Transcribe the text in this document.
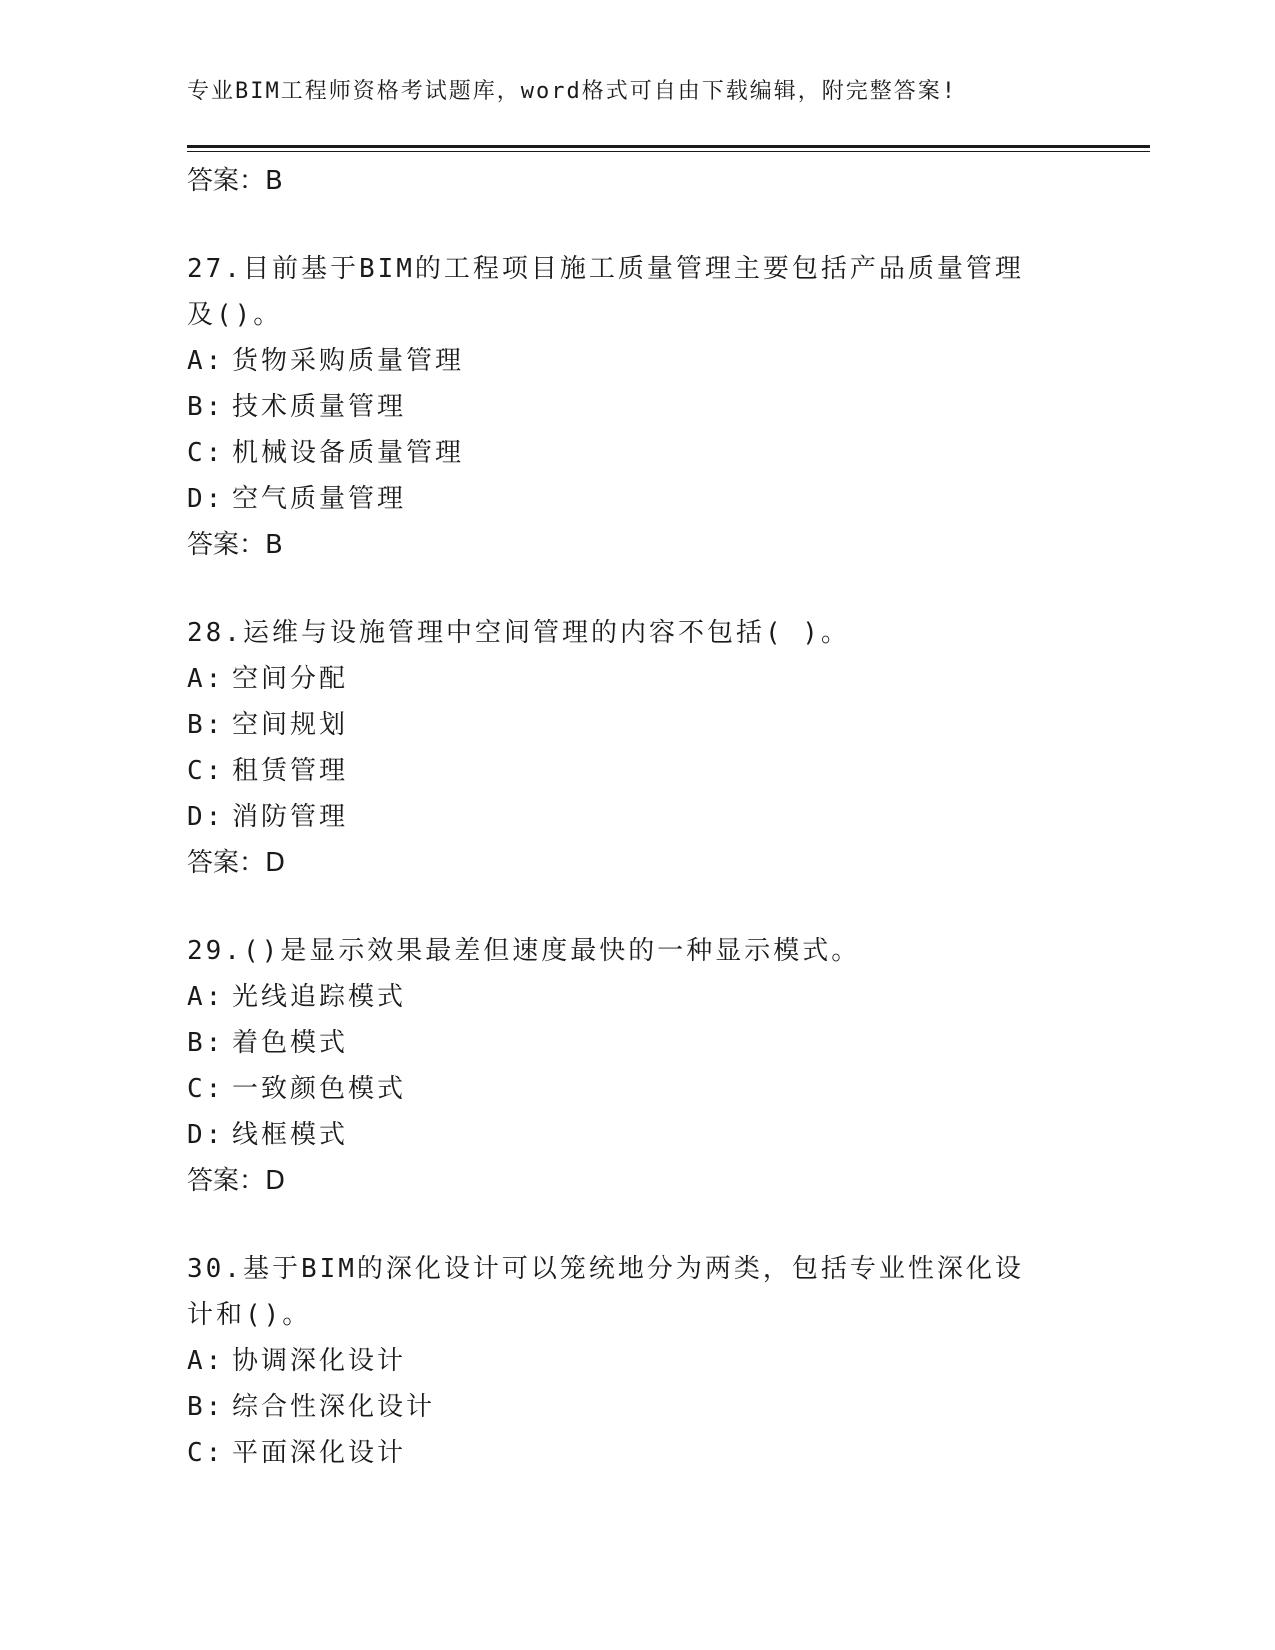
专业BIM工程师资格考试题库，word格式可自由下载编辑，附完整答案!
答案：B
27.目前基于BIM的工程项目施工质量管理主要包括产品质量管理及()。
A: 货物采购质量管理
B: 技术质量管理
C: 机械设备质量管理
D: 空气质量管理
答案：B
28.运维与设施管理中空间管理的内容不包括( )。
A: 空间分配
B: 空间规划
C: 租赁管理
D: 消防管理
答案：D
29.()是显示效果最差但速度最快的一种显示模式。
A: 光线追踪模式
B: 着色模式
C: 一致颜色模式
D: 线框模式
答案：D
30.基于BIM的深化设计可以笼统地分为两类，包括专业性深化设计和()。
A: 协调深化设计
B: 综合性深化设计
C: 平面深化设计
